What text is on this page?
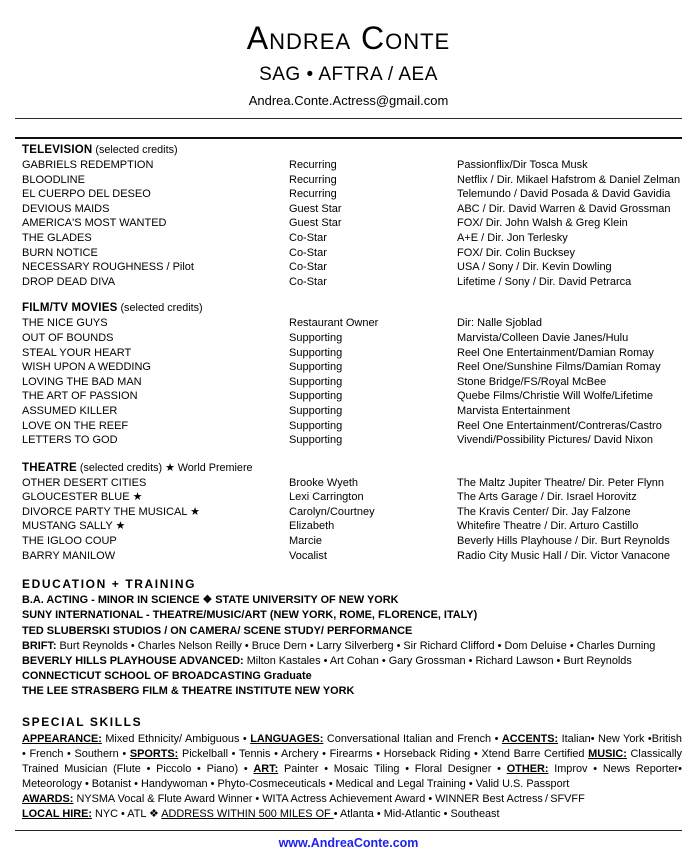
Andrea Conte
SAG • AFTRA / AEA
Andrea.Conte.Actress@gmail.com
TELEVISION (selected credits)
GABRIELS REDEMPTION	Recurring	Passionflix/Dir Tosca Musk
BLOODLINE	Recurring	Netflix / Dir. Mikael Hafstrom & Daniel Zelman
EL CUERPO DEL DESEO	Recurring	Telemundo / David Posada & David Gavidia
DEVIOUS MAIDS	Guest Star	ABC / Dir. David Warren & David Grossman
AMERICA'S MOST WANTED	Guest Star	FOX/ Dir. John Walsh & Greg Klein
THE GLADES	Co-Star	A+E / Dir. Jon Terlesky
BURN NOTICE	Co-Star	FOX/ Dir. Colin Bucksey
NECESSARY ROUGHNESS / Pilot	Co-Star	USA / Sony / Dir. Kevin Dowling
DROP DEAD DIVA	Co-Star	Lifetime / Sony / Dir. David Petrarca
FILM/TV MOVIES (selected credits)
THE NICE GUYS	Restaurant Owner	Dir: Nalle Sjoblad
OUT OF BOUNDS	Supporting	Marvista/Colleen Davie Janes/Hulu
STEAL YOUR HEART	Supporting	Reel One Entertainment/Damian Romay
WISH UPON A WEDDING	Supporting	Reel One/Sunshine Films/Damian Romay
LOVING THE BAD MAN	Supporting	Stone Bridge/FS/Royal McBee
THE ART OF PASSION	Supporting	Quebe Films/Christie Will Wolfe/Lifetime
ASSUMED KILLER	Supporting	Marvista Entertainment
LOVE ON THE REEF	Supporting	Reel One Entertainment/Contreras/Castro
LETTERS TO GOD	Supporting	Vivendi/Possibility Pictures/ David Nixon
THEATRE (selected credits) ★ World Premiere
OTHER DESERT CITIES	Brooke Wyeth	The Maltz Jupiter Theatre/ Dir. Peter Flynn
GLOUCESTER BLUE ★	Lexi Carrington	The Arts Garage / Dir. Israel Horovitz
DIVORCE PARTY THE MUSICAL ★	Carolyn/Courtney	The Kravis Center/ Dir. Jay Falzone
MUSTANG SALLY ★	Elizabeth	Whitefire Theatre / Dir. Arturo Castillo
THE IGLOO COUP	Marcie	Beverly Hills Playhouse / Dir. Burt Reynolds
BARRY MANILOW	Vocalist	Radio City Music Hall / Dir. Victor Vanacone
EDUCATION + TRAINING
B.A. ACTING - MINOR IN SCIENCE ❖ STATE UNIVERSITY OF NEW YORK
SUNY INTERNATIONAL - THEATRE/MUSIC/ART (NEW YORK, ROME, FLORENCE, ITALY)
TED SLUBERSKI STUDIOS / ON CAMERA/ SCENE STUDY/ PERFORMANCE
BRIFT: Burt Reynolds • Charles Nelson Reilly • Bruce Dern • Larry Silverberg • Sir Richard Clifford • Dom Deluise • Charles Durning
BEVERLY HILLS PLAYHOUSE ADVANCED: Milton Kastales • Art Cohan • Gary Grossman • Richard Lawson • Burt Reynolds
CONNECTICUT SCHOOL OF BROADCASTING Graduate
THE LEE STRASBERG FILM & THEATRE INSTITUTE NEW YORK
SPECIAL SKILLS
APPEARANCE: Mixed Ethnicity/ Ambiguous • LANGUAGES: Conversational Italian and French • ACCENTS: Italian• New York •British • French • Southern • SPORTS: Pickelball • Tennis • Archery • Firearms • Horseback Riding • Xtend Barre Certified MUSIC: Classically Trained Musician (Flute • Piccolo • Piano) • ART: Painter • Mosaic Tiling • Floral Designer • OTHER: Improv • News Reporter• Meteorology • Botanist • Handywoman • Phyto-Cosmeceuticals • Medical and Legal Training • Valid U.S. Passport
AWARDS: NYSMA Vocal & Flute Award Winner • WITA Actress Achievement Award • WINNER Best Actress / SFVFF
LOCAL HIRE: NYC • ATL ❖ ADDRESS WITHIN 500 MILES OF • Atlanta • Mid-Atlantic • Southeast
www.AndreaConte.com
